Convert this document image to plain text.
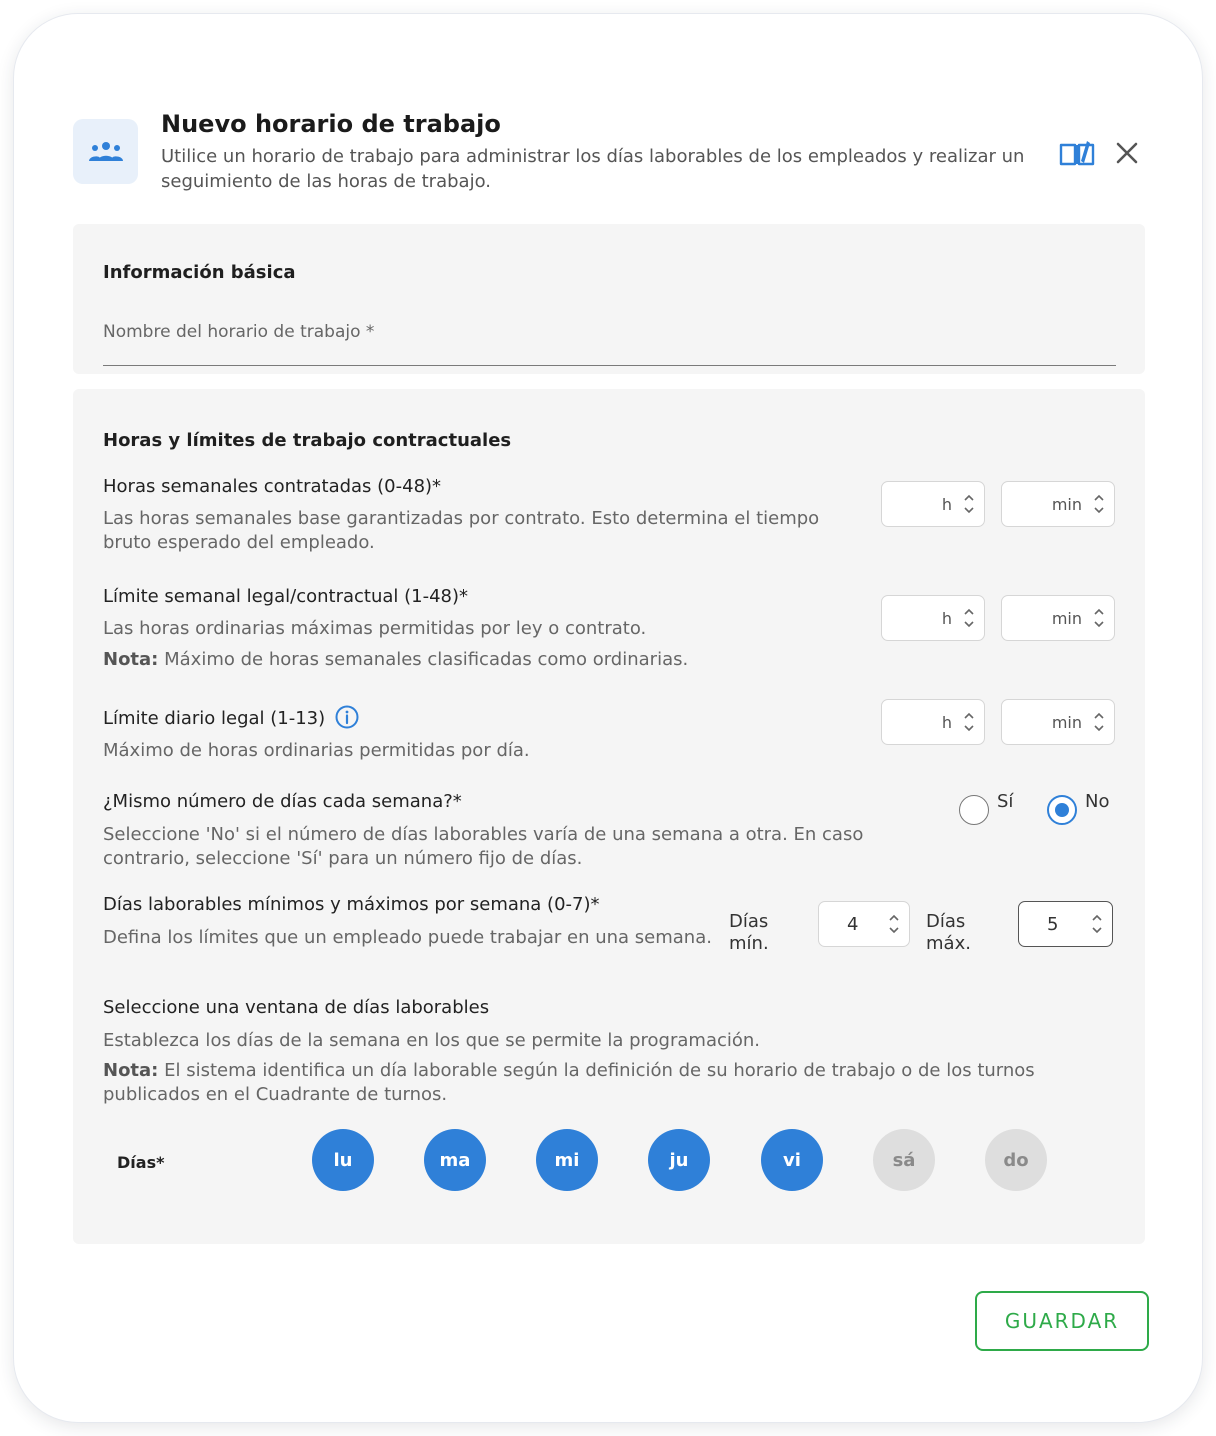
Nuevo horario de trabajo
Utilice un horario de trabajo para administrar los días laborables de los empleados y realizar un seguimiento de las horas de trabajo.
Información básica
Nombre del horario de trabajo *
Horas y límites de trabajo contractuales
Horas semanales contratadas (0-48)*
Las horas semanales base garantizadas por contrato. Esto determina el tiempo bruto esperado del empleado.
h	min
Límite semanal legal/contractual (1-48)*
Las horas ordinarias máximas permitidas por ley o contrato.
Nota: Máximo de horas semanales clasificadas como ordinarias.
h	min
Límite diario legal (1-13)
Máximo de horas ordinarias permitidas por día.
h	min
¿Mismo número de días cada semana?*
Seleccione 'No' si el número de días laborables varía de una semana a otra. En caso contrario, seleccione 'Sí' para un número fijo de días.
Sí	No
Días laborables mínimos y máximos por semana (0-7)*
Defina los límites que un empleado puede trabajar en una semana.
Días mín.
4	Días máx.
5
Seleccione una ventana de días laborables
Establezca los días de la semana en los que se permite la programación.
Nota: El sistema identifica un día laborable según la definición de su horario de trabajo o de los turnos publicados en el Cuadrante de turnos.
Días*	lu	ma	mi	ju	vi	sá	do
GUARDAR
